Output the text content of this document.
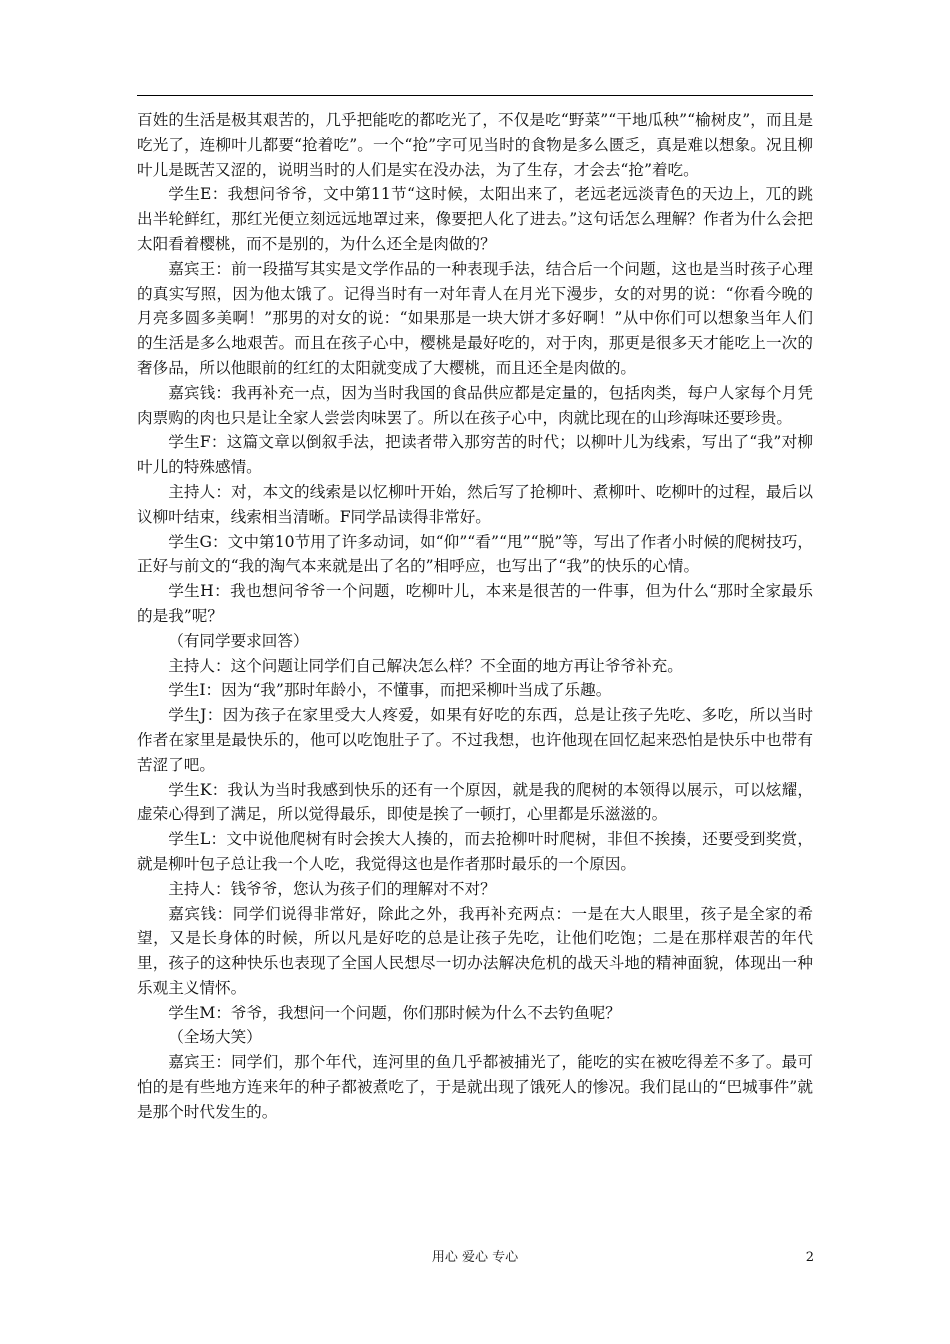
百姓的生活是极其艰苦的，几乎把能吃的都吃光了，不仅是吃“野菜”“干地瓜秧”“榆树皮”，而且是吃光了，连柳叶儿都要“抢着吃”。一个“抢”字可见当时的食物是多么匮乏，真是难以想象。况且柳叶儿是既苦又涩的，说明当时的人们是实在没办法，为了生存，才会去“抢”着吃。

学生E：我想问爷爷，文中第11节“这时候，太阳出来了，老远老远淡青色的天边上，兀的跳出半轮鲜红，那红光便立刻远远地罩过来，像要把人化了进去。”这句话怎么理解？作者为什么会把太阳看着樱桃，而不是别的，为什么还全是肉做的？

嘉宾王：前一段描写其实是文学作品的一种表现手法，结合后一个问题，这也是当时孩子心理的真实写照，因为他太饿了。记得当时有一对年青人在月光下漫步，女的对男的说：“你看今晚的月亮多圆多美啊！”那男的对女的说：“如果那是一块大饼才多好啊！”从中你们可以想象当年人们的生活是多么地艰苦。而且在孩子心中，樱桃是最好吃的，对于肉，那更是很多天才能吃上一次的奢侈品，所以他眼前的红红的太阳就变成了大樱桃，而且还全是肉做的。

嘉宾钱：我再补充一点，因为当时我国的食品供应都是定量的，包括肉类，每户人家每个月凭肉票购的肉也只是让全家人尝尝肉味罢了。所以在孩子心中，肉就比现在的山珍海味还要珍贵。

学生F：这篇文章以倒叙手法，把读者带入那穷苦的时代；以柳叶儿为线索，写出了“我”对柳叶儿的特殊感情。

主持人：对，本文的线索是以忆柳叶开始，然后写了抢柳叶、煮柳叶、吃柳叶的过程，最后以议柳叶结束，线索相当清晰。F同学品读得非常好。

学生G：文中第10节用了许多动词，如“仰”“看”“甩”“脱”等，写出了作者小时候的爬树技巧，正好与前文的“我的淘气本来就是出了名的”相呼应，也写出了“我”的快乐的心情。

学生H：我也想问爷爷一个问题，吃柳叶儿，本来是很苦的一件事，但为什么“那时全家最乐的是我”呢？

（有同学要求回答）

主持人：这个问题让同学们自己解决怎么样？不全面的地方再让爷爷补充。

学生I：因为“我”那时年龄小，不懂事，而把采柳叶当成了乐趣。

学生J：因为孩子在家里受大人疼爱，如果有好吃的东西，总是让孩子先吃、多吃，所以当时作者在家里是最快乐的，他可以吃饱肚子了。不过我想，也许他现在回忆起来恐怕是快乐中也带有苦涩了吧。

学生K：我认为当时我感到快乐的还有一个原因，就是我的爬树的本领得以展示，可以炫耀，虚荣心得到了满足，所以觉得最乐，即使是挨了一顿打，心里都是乐滋滋的。

学生L：文中说他爬树有时会挨大人揍的，而去抢柳叶时爬树，非但不挨揍，还要受到奖赏，就是柳叶包子总让我一个人吃，我觉得这也是作者那时最乐的一个原因。

主持人：钱爷爷，您认为孩子们的理解对不对？

嘉宾钱：同学们说得非常好，除此之外，我再补充两点：一是在大人眼里，孩子是全家的希望，又是长身体的时候，所以凡是好吃的总是让孩子先吃，让他们吃饱；二是在那样艰苦的年代里，孩子的这种快乐也表现了全国人民想尽一切办法解决危机的战天斗地的精神面貌，体现出一种乐观主义情怀。

学生M：爷爷，我想问一个问题，你们那时候为什么不去钓鱼呢？

（全场大笑）

嘉宾王：同学们，那个年代，连河里的鱼几乎都被捕光了，能吃的实在被吃得差不多了。最可怕的是有些地方连来年的种子都被煮吃了，于是就出现了饿死人的惨况。我们昆山的“巴城事件”就是那个时代发生的。

用心 爱心 专心	2
